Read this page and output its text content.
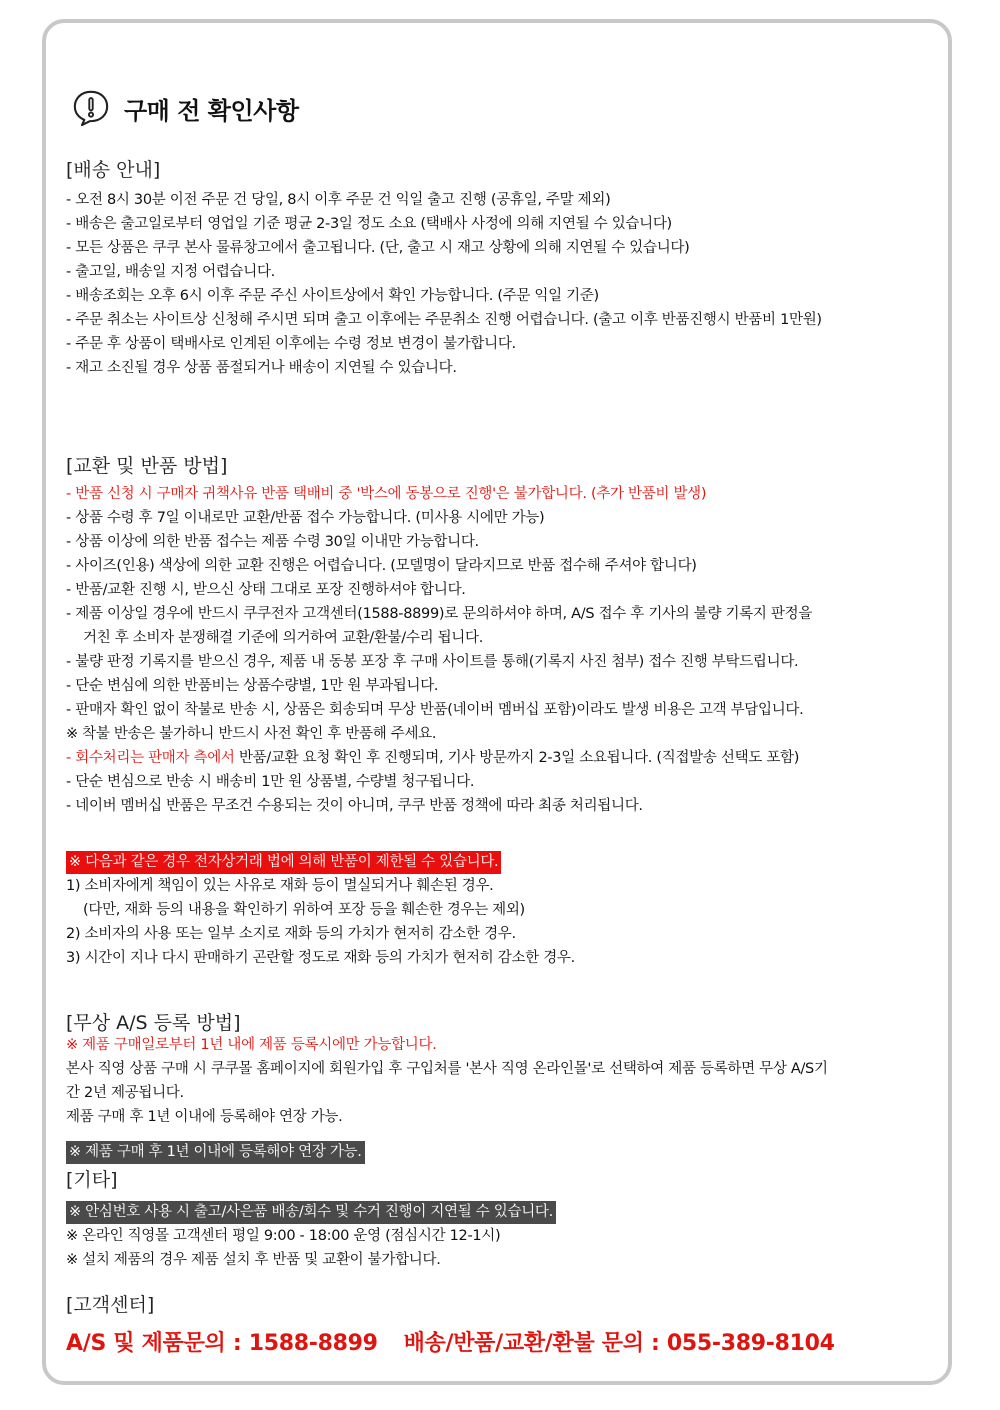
구매 전 확인사항
[배송 안내]
- 오전 8시 30분 이전 주문 건 당일, 8시 이후 주문 건 익일 출고 진행 (공휴일, 주말 제외)
- 배송은 출고일로부터 영업일 기준 평균 2-3일 정도 소요 (택배사 사정에 의해 지연될 수 있습니다)
- 모든 상품은 쿠쿠 본사 물류창고에서 출고됩니다. (단, 출고 시 재고 상황에 의해 지연될 수 있습니다)
- 출고일, 배송일 지정 어렵습니다.
- 배송조회는 오후 6시 이후 주문 주신 사이트상에서 확인 가능합니다. (주문 익일 기준)
- 주문 취소는 사이트상 신청해 주시면 되며 출고 이후에는 주문취소 진행 어렵습니다. (출고 이후 반품진행시 반품비 1만원)
- 주문 후 상품이 택배사로 인계된 이후에는 수령 정보 변경이 불가합니다.
- 재고 소진될 경우 상품 품절되거나 배송이 지연될 수 있습니다.
[교환 및 반품 방법]
- 반품 신청 시 구매자 귀책사유 반품 택배비 중 '박스에 동봉으로 진행'은 불가합니다. (추가 반품비 발생)
- 상품 수령 후 7일 이내로만 교환/반품 접수 가능합니다. (미사용 시에만 가능)
- 상품 이상에 의한 반품 접수는 제품 수령 30일 이내만 가능합니다.
- 사이즈(인용) 색상에 의한 교환 진행은 어렵습니다. (모델명이 달라지므로 반품 접수해 주셔야 합니다)
- 반품/교환 진행 시, 받으신 상태 그대로 포장 진행하셔야 합니다.
- 제품 이상일 경우에 반드시 쿠쿠전자 고객센터(1588-8899)로 문의하셔야 하며, A/S 접수 후 기사의 불량 기록지 판정을
거친 후 소비자 분쟁해결 기준에 의거하여 교환/환불/수리 됩니다.
- 불량 판정 기록지를 받으신 경우, 제품 내 동봉 포장 후 구매 사이트를 통해(기록지 사진 첨부) 접수 진행 부탁드립니다.
- 단순 변심에 의한 반품비는 상품수량별, 1만 원 부과됩니다.
- 판매자 확인 없이 착불로 반송 시, 상품은 회송되며 무상 반품(네이버 멤버십 포함)이라도 발생 비용은 고객 부담입니다.
※ 착불 반송은 불가하니 반드시 사전 확인 후 반품해 주세요.
- 회수처리는 판매자 측에서 반품/교환 요청 확인 후 진행되며, 기사 방문까지 2-3일 소요됩니다. (직접발송 선택도 포함)
- 단순 변심으로 반송 시 배송비 1만 원 상품별, 수량별 청구됩니다.
- 네이버 멤버십 반품은 무조건 수용되는 것이 아니며, 쿠쿠 반품 정책에 따라 최종 처리됩니다.
※ 다음과 같은 경우 전자상거래 법에 의해 반품이 제한될 수 있습니다.
1) 소비자에게 책임이 있는 사유로 재화 등이 멸실되거나 훼손된 경우.
(다만, 재화 등의 내용을 확인하기 위하여 포장 등을 훼손한 경우는 제외)
2) 소비자의 사용 또는 일부 소지로 재화 등의 가치가 현저히 감소한 경우.
3) 시간이 지나 다시 판매하기 곤란할 정도로 재화 등의 가치가 현저히 감소한 경우.
[무상 A/S 등록 방법]
※ 제품 구매일로부터 1년 내에 제품 등록시에만 가능합니다.
본사 직영 상품 구매 시 쿠쿠몰 홈페이지에 회원가입 후 구입처를 '본사 직영 온라인몰'로 선택하여 제품 등록하면 무상 A/S기
간 2년 제공됩니다.
제품 구매 후 1년 이내에 등록해야 연장 가능.
※ 제품 구매 후 1년 이내에 등록해야 연장 가능.
[기타]
※ 안심번호 사용 시 출고/사은품 배송/회수 및 수거 진행이 지연될 수 있습니다.
※ 온라인 직영몰 고객센터 평일 9:00 - 18:00 운영 (점심시간 12-1시)
※ 설치 제품의 경우 제품 설치 후 반품 및 교환이 불가합니다.
[고객센터]
A/S 및 제품문의 : 1588-8899 배송/반품/교환/환불 문의 : 055-389-8104
